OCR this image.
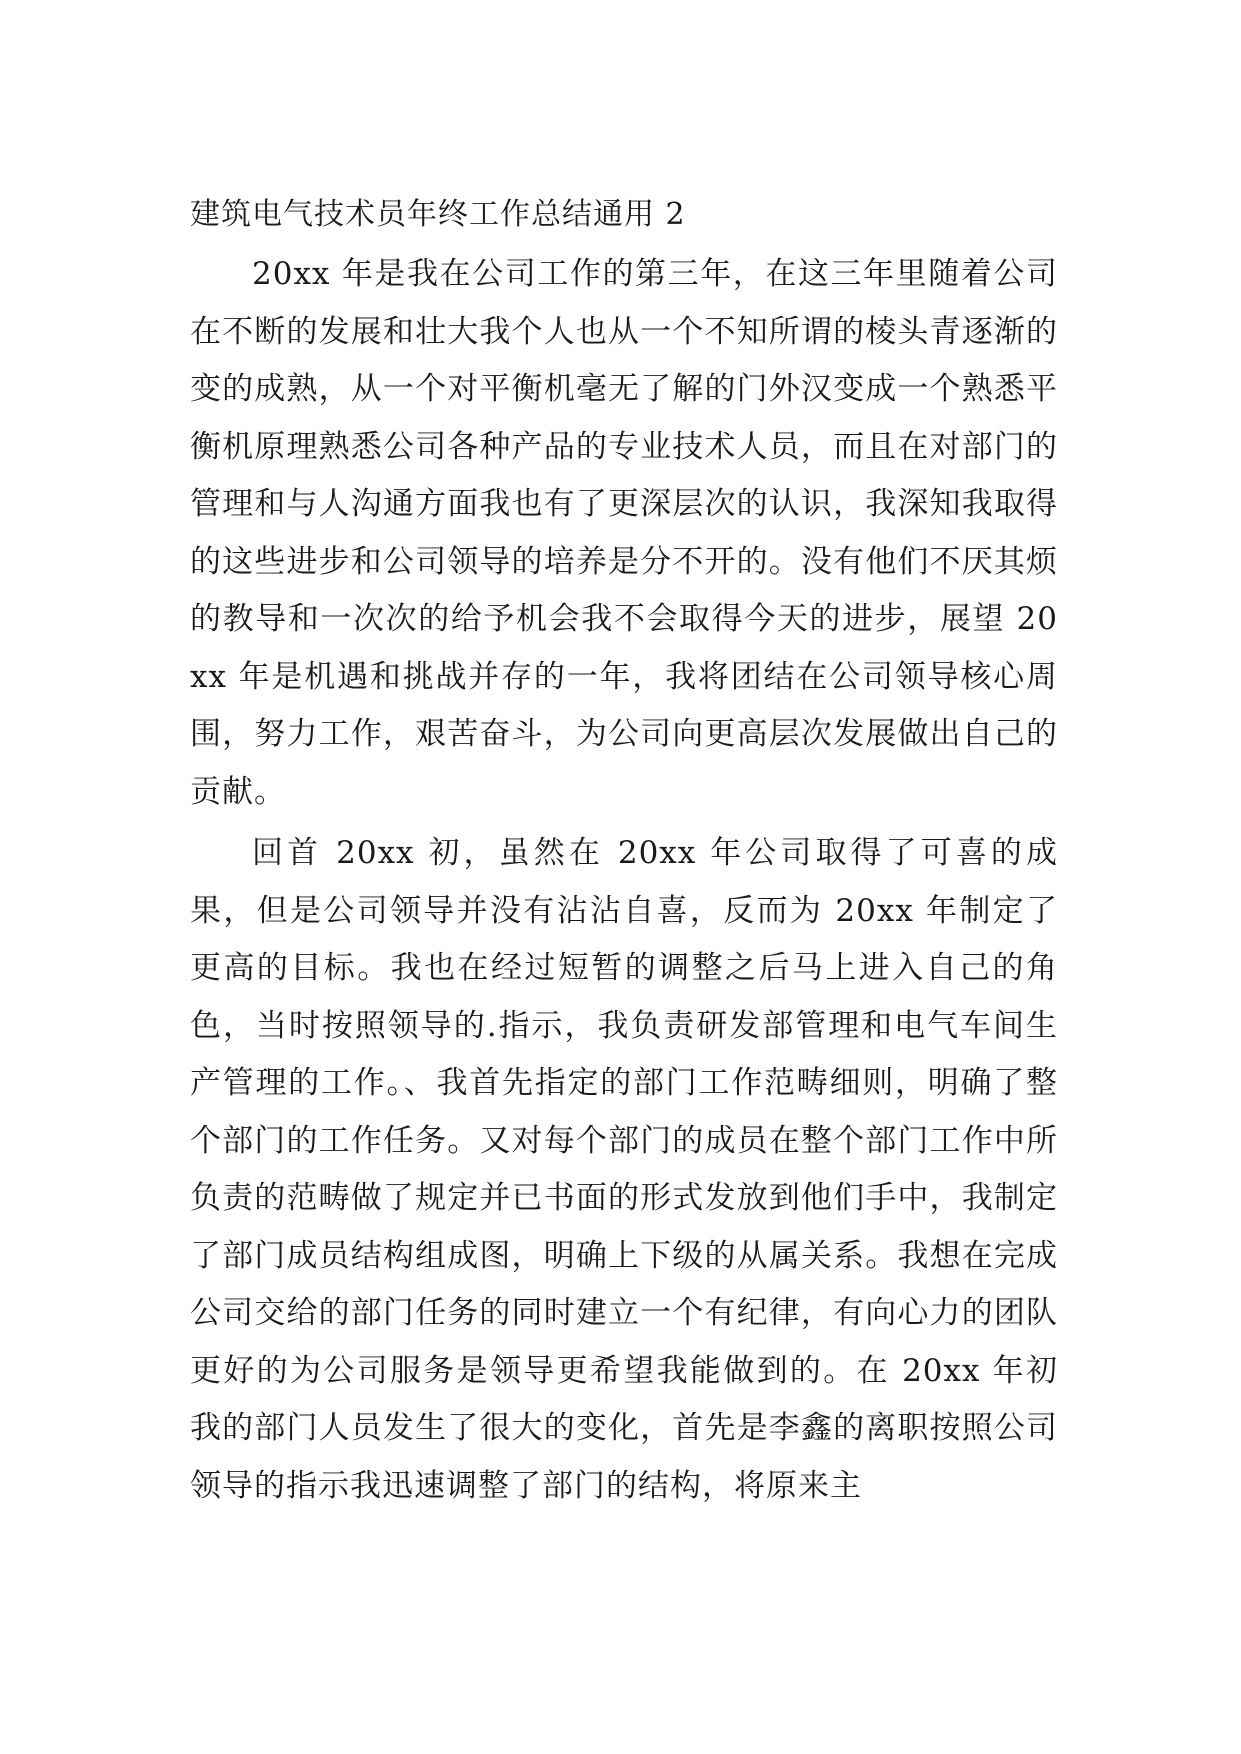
建筑电气技术员年终工作总结通用 2

20xx 年是我在公司工作的第三年，在这三年里随着公司在不断的发展和壮大我个人也从一个不知所谓的棱头青逐渐的变的成熟，从一个对平衡机毫无了解的门外汉变成一个熟悉平衡机原理熟悉公司各种产品的专业技术人员，而且在对部门的管理和与人沟通方面我也有了更深层次的认识，我深知我取得的这些进步和公司领导的培养是分不开的。没有他们不厌其烦的教导和一次次的给予机会我不会取得今天的进步，展望 20xx 年是机遇和挑战并存的一年，我将团结在公司领导核心周围，努力工作，艰苦奋斗，为公司向更高层次发展做出自己的贡献。

回首 20xx 初，虽然在 20xx 年公司取得了可喜的成果，但是公司领导并没有沾沾自喜，反而为 20xx 年制定了更高的目标。我也在经过短暂的调整之后马上进入自己的角色，当时按照领导的.指示，我负责研发部管理和电气车间生产管理的工作。、我首先指定的部门工作范畴细则，明确了整个部门的工作任务。又对每个部门的成员在整个部门工作中所负责的范畴做了规定并已书面的形式发放到他们手中，我制定了部门成员结构组成图，明确上下级的从属关系。我想在完成公司交给的部门任务的同时建立一个有纪律，有向心力的团队更好的为公司服务是领导更希望我能做到的。在 20xx 年初我的部门人员发生了很大的变化，首先是李鑫的离职按照公司领导的指示我迅速调整了部门的结构，将原来主
